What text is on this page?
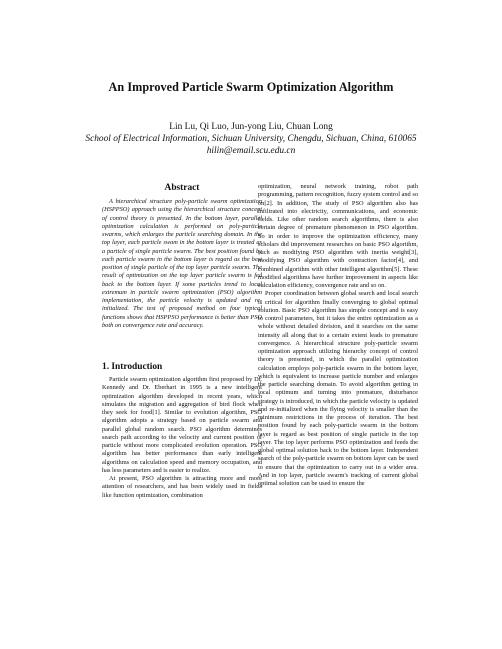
An Improved Particle Swarm Optimization Algorithm
Lin Lu, Qi Luo, Jun-yong Liu, Chuan Long
School of Electrical Information, Sichuan University, Chengdu, Sichuan, China, 610065
hilin@email.scu.edu.cn
Abstract
A hierarchical structure poly-particle swarm optimization (HSPPSO) approach using the hierarchical structure concept of control theory is presented. In the bottom layer, parallel optimization calculation is performed on poly-particle swarms, which enlarges the particle searching domain. In the top layer, each particle swam in the bottom layer is treated as a particle of single particle swarm. The best position found by each particle swarm in the bottom layer is regard as the best position of single particle of the top layer particle swarm. The result of optimization on the top layer particle swarm is fed back to the bottom layer. If some particles trend to local extremum in particle swarm optimization (PSO) algorithm implementation, the particle velocity is updated and re-initialized. The test of proposed method on four typical functions shows that HSPPSO performance is better than PSO both on convergence rate and accuracy.
1. Introduction

Particle swarm optimization algorithm first proposed by Dr. Kennedy and Dr. Eberhart in 1995 is a new intelligent optimization algorithm developed in recent years, which simulates the migration and aggregation of bird flock when they seek for food[1]. Similar to evolution algorithm, PSO algorithm adopts a strategy based on particle swarm and parallel global random search. PSO algorithm determines search path according to the velocity and current position of particle without more complicated evolution operation. PSO algorithm has better performance than early intelligent algorithms on calculation speed and memory occupation, and has less parameters and is easier to realize.

At present, PSO algorithm is attracting more and more attention of researchers, and has been widely used in fields like function optimization, combination

optimization, neural network training, robot path programming, pattern recognition, fuzzy system control and so on[2]. In addition, The study of PSO algorithm also has infiltrated into electricity, communications, and economic fields. Like other random search algorithms, there is also certain degree of premature phenomenon in PSO algorithm. So in order to improve the optimization efficiency, many scholars did improvement researches on basic PSO algorithm, such as modifying PSO algorithm with inertia weight[3], modifying PSO algorithm with contraction factor[4], and combined algorithm with other intelligent algorithm[5]. These modified algorithms have further improvement in aspects like calculation efficiency, convergence rate and so on.

Proper coordination between global search and local search is critical for algorithm finally converging to global optimal solution. Basic PSO algorithm has simple concept and is easy to control parameters, but it takes the entire optimization as a whole without detailed division, and it searches on the same intensity all along that to a certain extent leads to premature convergence. A hierarchical structure poly-particle swarm optimization approach utilizing hierarchy concept of control theory is presented, in which the parallel optimization calculation employs poly-particle swarm in the bottom layer, which is equivalent to increase particle number and enlarges the particle searching domain. To avoid algorithm getting in local optimum and turning into premature, disturbance strategy is introduced, in which the particle velocity is updated and re-initialized when the flying velocity is smaller than the minimum restrictions in the process of iteration. The best position found by each poly-particle swarm in the bottom layer is regard as best position of single particle in the top layer. The top layer performs PSO optimization and feeds the global optimal solution back to the bottom layer. Independent search of the poly-particle swarm on bottom layer can be used to ensure that the optimization to carry out in a wider area. And in top layer, particle swarm's tracking of current global optimal solution can be used to ensure the
